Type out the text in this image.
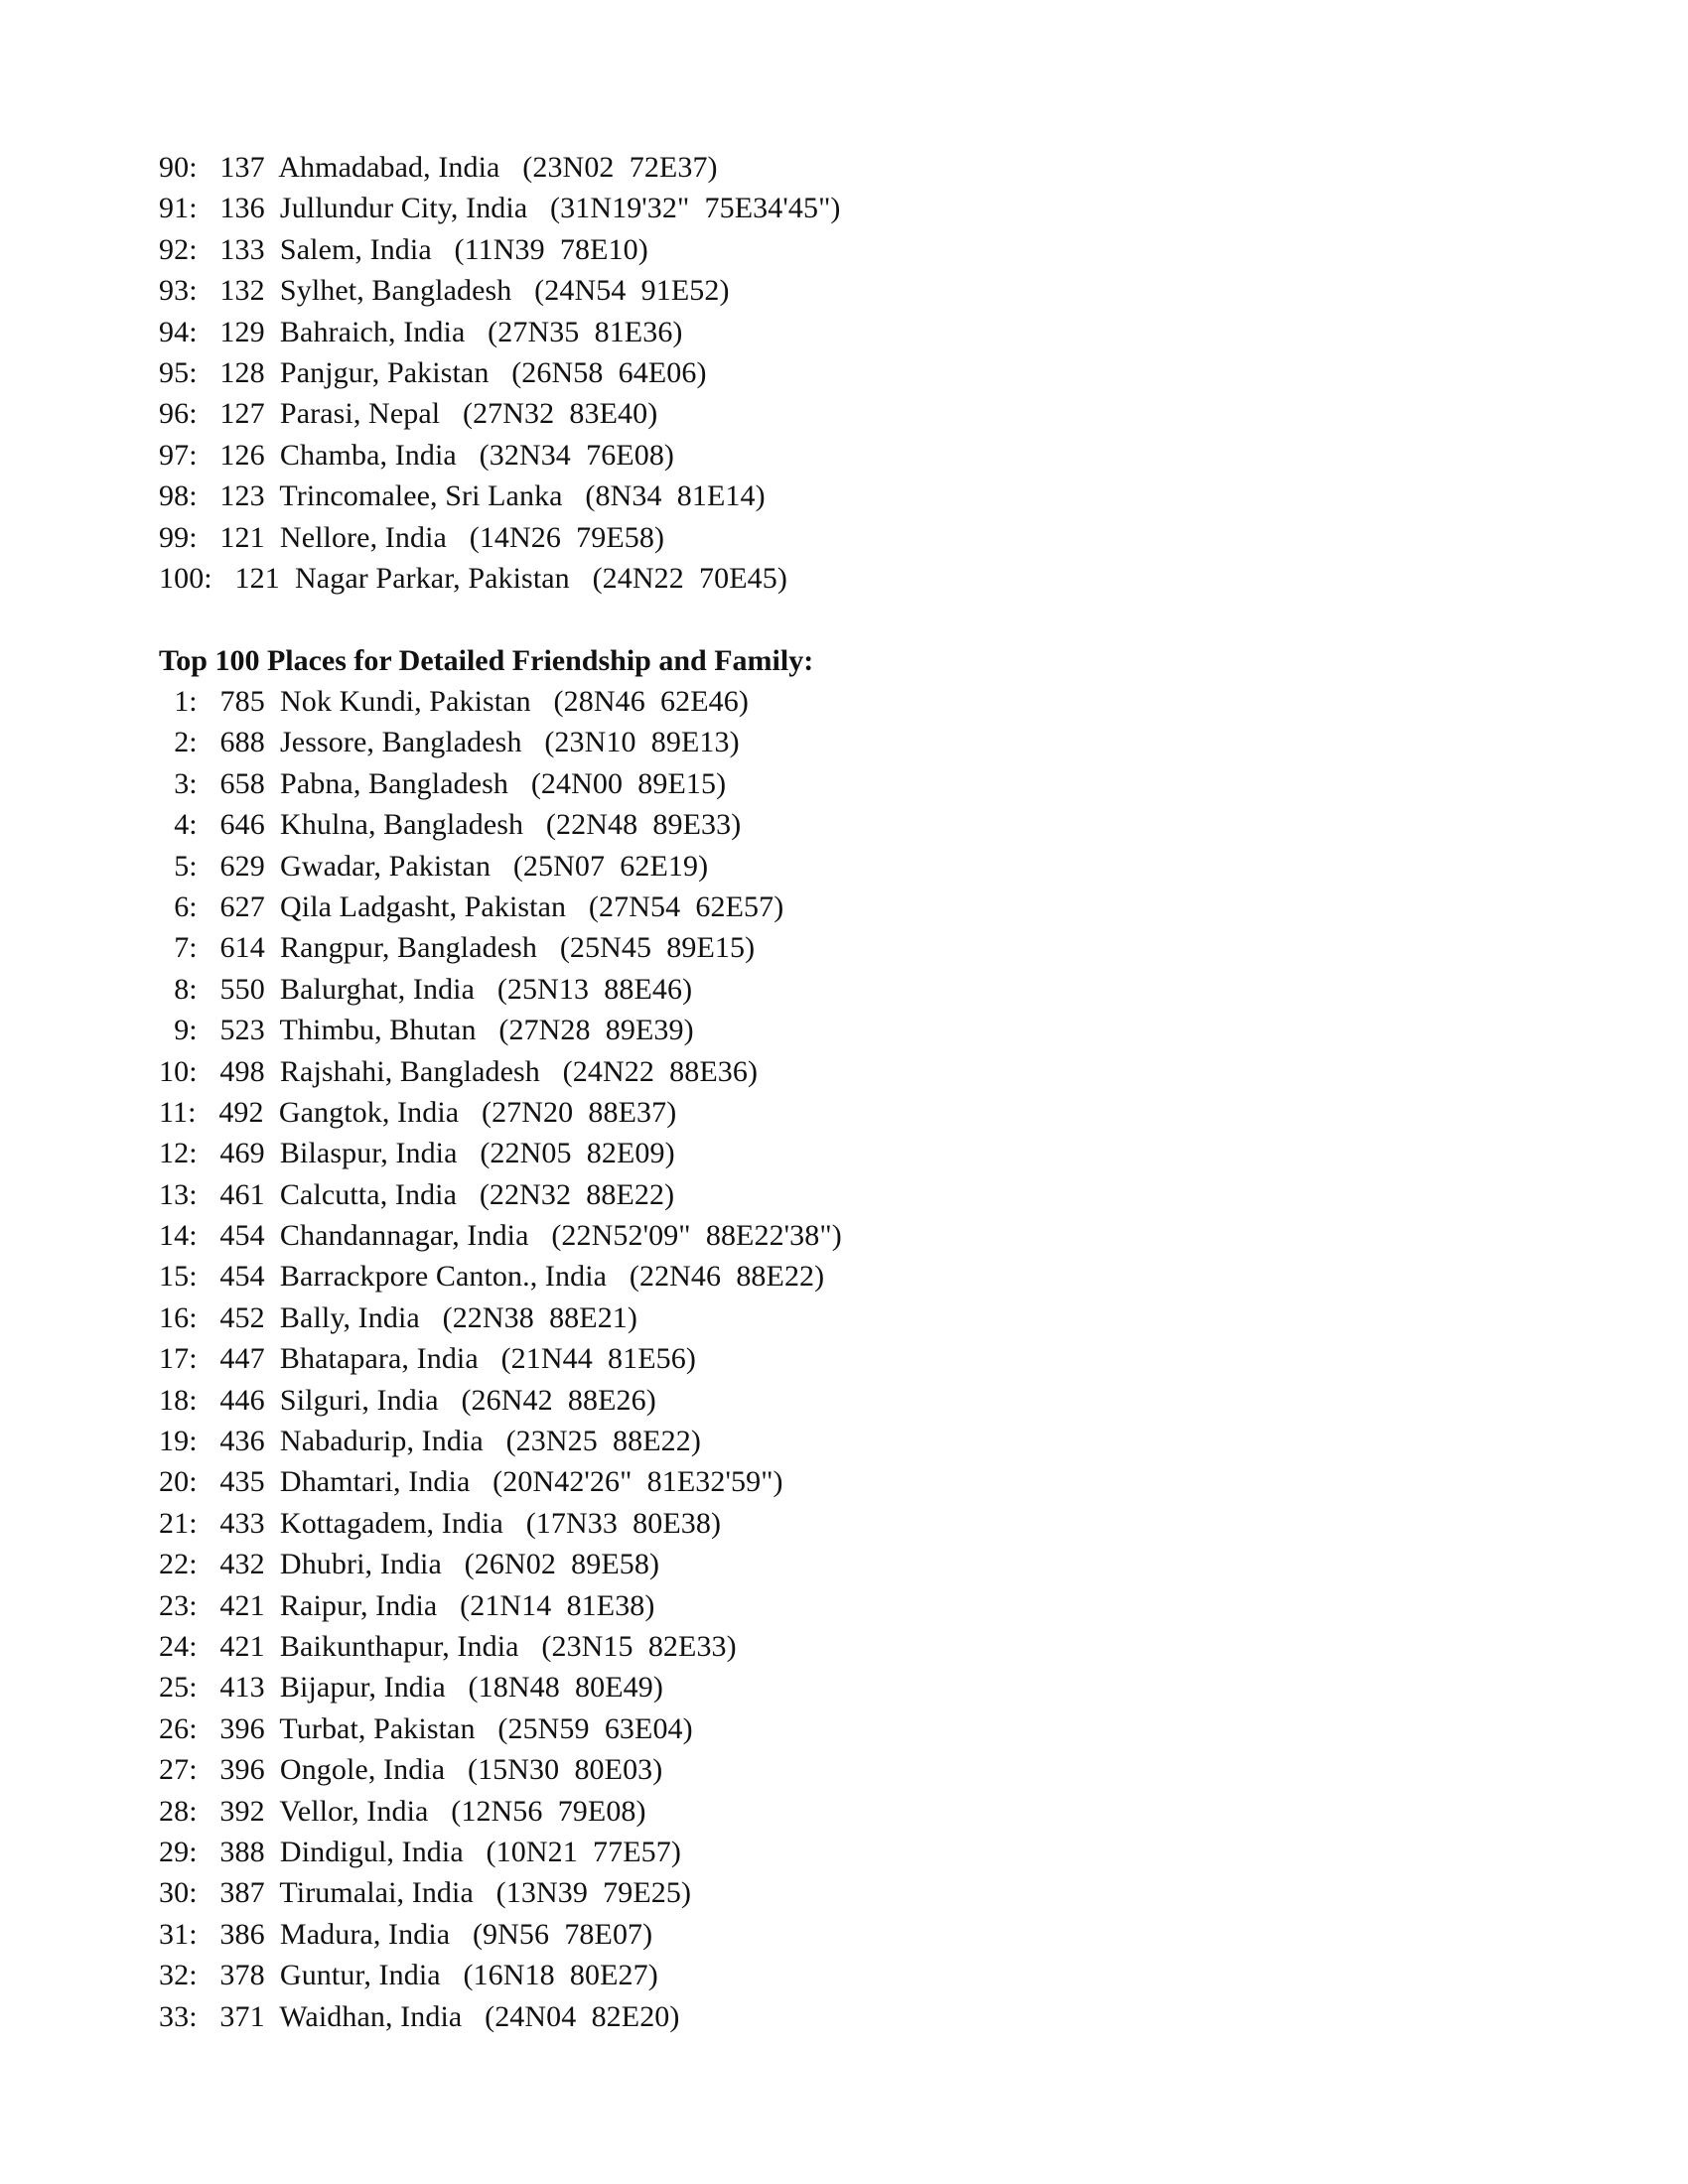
90:   137  Ahmadabad, India   (23N02  72E37)
91:   136  Jullundur City, India   (31N19'32"  75E34'45")
92:   133  Salem, India   (11N39  78E10)
93:   132  Sylhet, Bangladesh   (24N54  91E52)
94:   129  Bahraich, India   (27N35  81E36)
95:   128  Panjgur, Pakistan   (26N58  64E06)
96:   127  Parasi, Nepal   (27N32  83E40)
97:   126  Chamba, India   (32N34  76E08)
98:   123  Trincomalee, Sri Lanka   (8N34  81E14)
99:   121  Nellore, India   (14N26  79E58)
100:   121  Nagar Parkar, Pakistan   (24N22  70E45)
Top 100 Places for Detailed Friendship and Family:
1:   785  Nok Kundi, Pakistan   (28N46  62E46)
2:   688  Jessore, Bangladesh   (23N10  89E13)
3:   658  Pabna, Bangladesh   (24N00  89E15)
4:   646  Khulna, Bangladesh   (22N48  89E33)
5:   629  Gwadar, Pakistan   (25N07  62E19)
6:   627  Qila Ladgasht, Pakistan   (27N54  62E57)
7:   614  Rangpur, Bangladesh   (25N45  89E15)
8:   550  Balurghat, India   (25N13  88E46)
9:   523  Thimbu, Bhutan   (27N28  89E39)
10:   498  Rajshahi, Bangladesh   (24N22  88E36)
11:   492  Gangtok, India   (27N20  88E37)
12:   469  Bilaspur, India   (22N05  82E09)
13:   461  Calcutta, India   (22N32  88E22)
14:   454  Chandannagar, India   (22N52'09"  88E22'38")
15:   454  Barrackpore Canton., India   (22N46  88E22)
16:   452  Bally, India   (22N38  88E21)
17:   447  Bhatapara, India   (21N44  81E56)
18:   446  Silguri, India   (26N42  88E26)
19:   436  Nabadurip, India   (23N25  88E22)
20:   435  Dhamtari, India   (20N42'26"  81E32'59")
21:   433  Kottagadem, India   (17N33  80E38)
22:   432  Dhubri, India   (26N02  89E58)
23:   421  Raipur, India   (21N14  81E38)
24:   421  Baikunthapur, India   (23N15  82E33)
25:   413  Bijapur, India   (18N48  80E49)
26:   396  Turbat, Pakistan   (25N59  63E04)
27:   396  Ongole, India   (15N30  80E03)
28:   392  Vellor, India   (12N56  79E08)
29:   388  Dindigul, India   (10N21  77E57)
30:   387  Tirumalai, India   (13N39  79E25)
31:   386  Madura, India   (9N56  78E07)
32:   378  Guntur, India   (16N18  80E27)
33:   371  Waidhan, India   (24N04  82E20)
